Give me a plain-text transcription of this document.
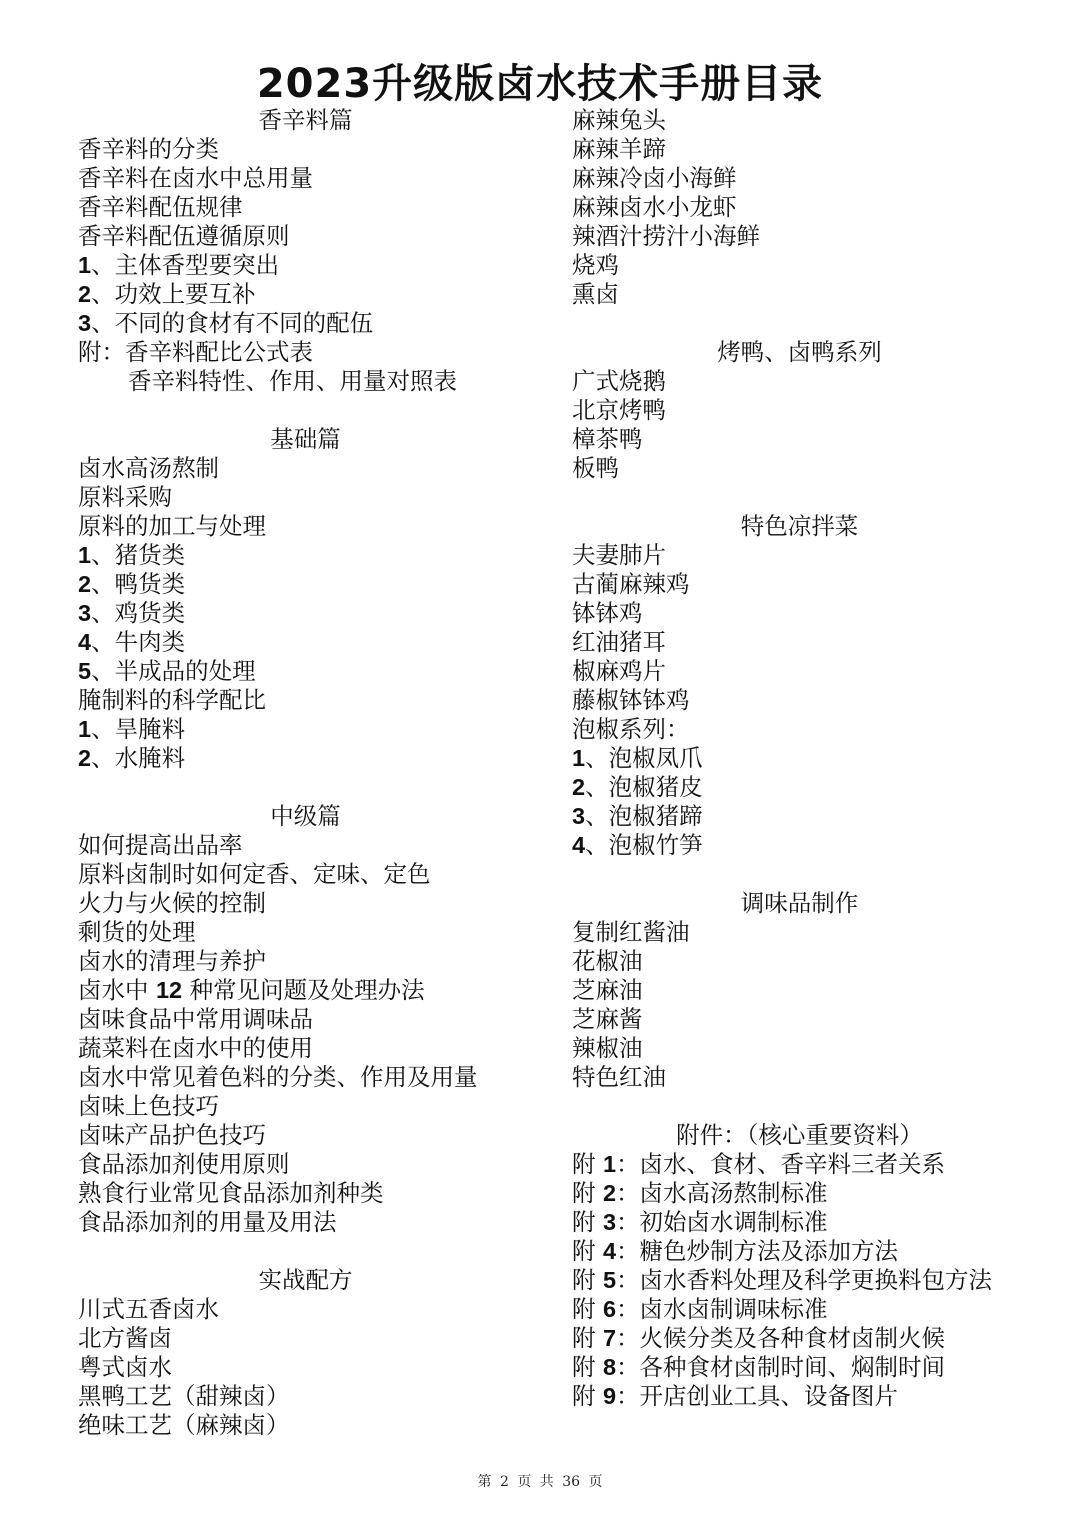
2023升级版卤水技术手册目录
香辛料篇
香辛料的分类
香辛料在卤水中总用量
香辛料配伍规律
香辛料配伍遵循原则
1、主体香型要突出
2、功效上要互补
3、不同的食材有不同的配伍
附：香辛料配比公式表
香辛料特性、作用、用量对照表
基础篇
卤水高汤熬制
原料采购
原料的加工与处理
1、猪货类
2、鸭货类
3、鸡货类
4、牛肉类
5、半成品的处理
腌制料的科学配比
1、旱腌料
2、水腌料
中级篇
如何提高出品率
原料卤制时如何定香、定味、定色
火力与火候的控制
剩货的处理
卤水的清理与养护
卤水中 12 种常见问题及处理办法
卤味食品中常用调味品
蔬菜料在卤水中的使用
卤水中常见着色料的分类、作用及用量
卤味上色技巧
卤味产品护色技巧
食品添加剂使用原则
熟食行业常见食品添加剂种类
食品添加剂的用量及用法
实战配方
川式五香卤水
北方酱卤
粤式卤水
黑鸭工艺（甜辣卤）
绝味工艺（麻辣卤）
麻辣兔头
麻辣羊蹄
麻辣冷卤小海鲜
麻辣卤水小龙虾
辣酒汁捞汁小海鲜
烧鸡
熏卤
烤鸭、卤鸭系列
广式烧鹅
北京烤鸭
樟茶鸭
板鸭
特色凉拌菜
夫妻肺片
古蔺麻辣鸡
钵钵鸡
红油猪耳
椒麻鸡片
藤椒钵钵鸡
泡椒系列：
1、泡椒凤爪
2、泡椒猪皮
3、泡椒猪蹄
4、泡椒竹笋
调味品制作
复制红酱油
花椒油
芝麻油
芝麻酱
辣椒油
特色红油
附件：（核心重要资料）
附 1：卤水、食材、香辛料三者关系
附 2：卤水高汤熬制标准
附 3：初始卤水调制标准
附 4：糖色炒制方法及添加方法
附 5：卤水香料处理及科学更换料包方法
附 6：卤水卤制调味标准
附 7：火候分类及各种食材卤制火候
附 8：各种食材卤制时间、焖制时间
附 9：开店创业工具、设备图片
第 2 页 共 36 页
